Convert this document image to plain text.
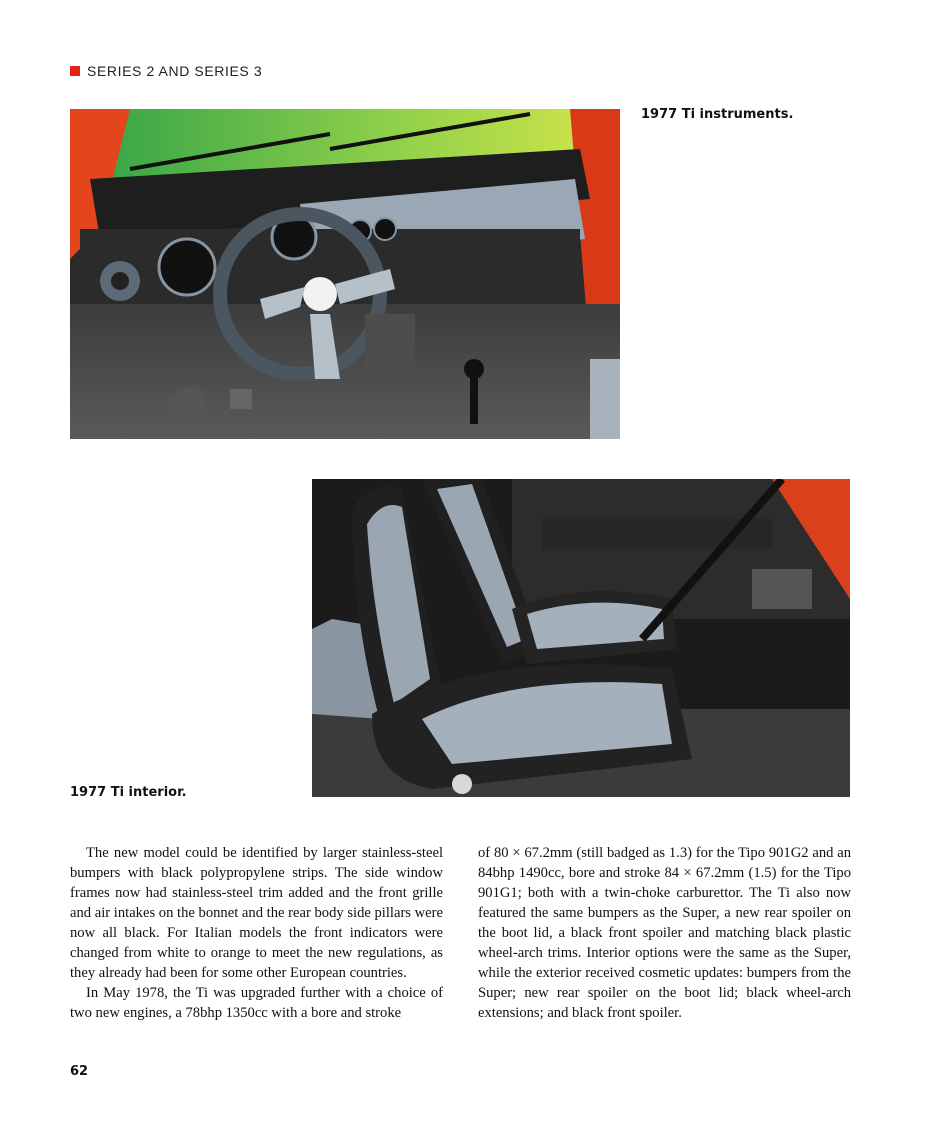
SERIES 2 AND SERIES 3
1977 Ti instruments.
1977 Ti interior.

The new model could be identified by larger stainless-steel bumpers with black polypropylene strips. The side window frames now had stainless-steel trim added and the front grille and air intakes on the bonnet and the rear body side pillars were now all black. For Italian models the front indicators were changed from white to orange to meet the new regulations, as they already had been for some other European countries.

In May 1978, the Ti was upgraded further with a choice of two new engines, a 78bhp 1350cc with a bore and stroke

of 80 × 67.2mm (still badged as 1.3) for the Tipo 901G2 and an 84bhp 1490cc, bore and stroke 84 × 67.2mm (1.5) for the Tipo 901G1; both with a twin-choke carburettor. The Ti also now featured the same bumpers as the Super, a new rear spoiler on the boot lid, a black front spoiler and matching black plastic wheel-arch trims. Interior options were the same as the Super, while the exterior received cosmetic updates: bumpers from the Super; new rear spoiler on the boot lid; black wheel-arch extensions; and black front spoiler.

62
